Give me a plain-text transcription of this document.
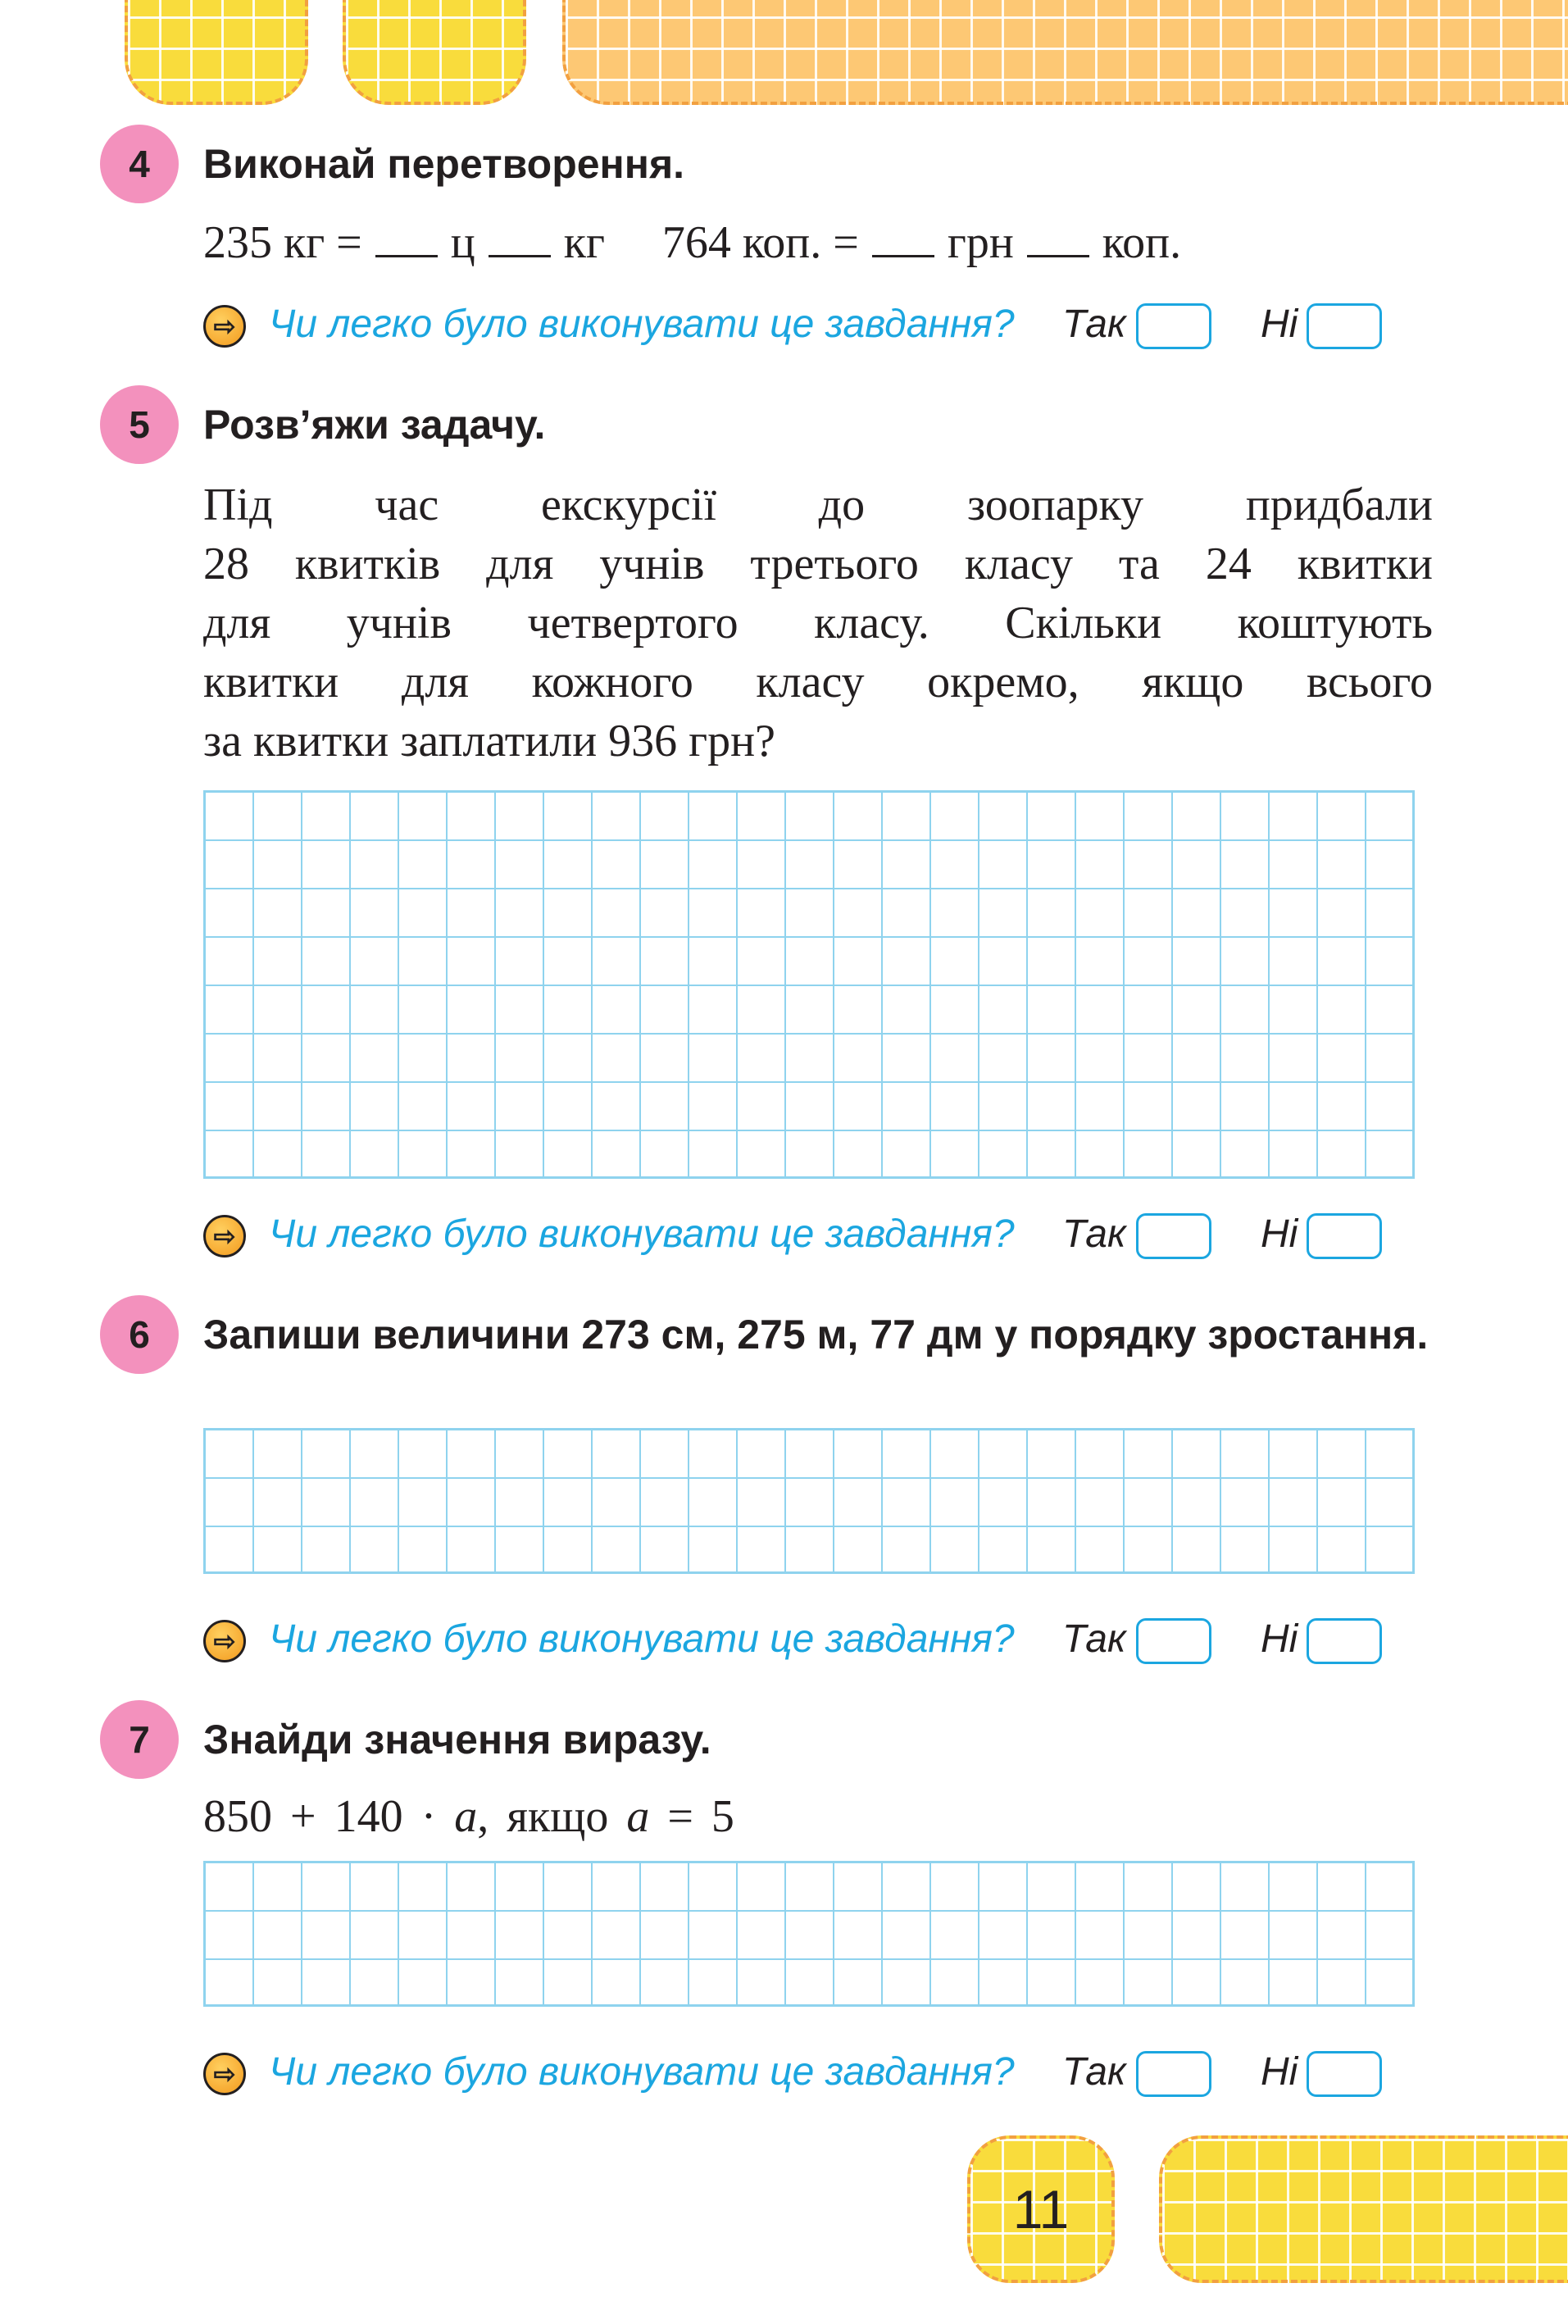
11
4	Виконай перетворення.
235 кг = ц кг 764 коп. = грн коп.
⇨ Чи легко було виконувати це завдання? Так	Ні
5	Розв’яжи задачу.
Під час екскурсії до зоопарку придбали
28 квитків для учнів третього класу та 24 квитки
для учнів четвертого класу. Скільки коштують
квитки для кожного класу окремо, якщо всього
за квитки заплатили 936 грн?
⇨ Чи легко було виконувати це завдання? Так	Ні
6	Запиши величини 273 см, 275 м, 77 дм у порядку зростання.
⇨ Чи легко було виконувати це завдання? Так	Ні
7	Знайди значення виразу.
850 + 140 · a, якщо a = 5
⇨ Чи легко було виконувати це завдання? Так	Ні
